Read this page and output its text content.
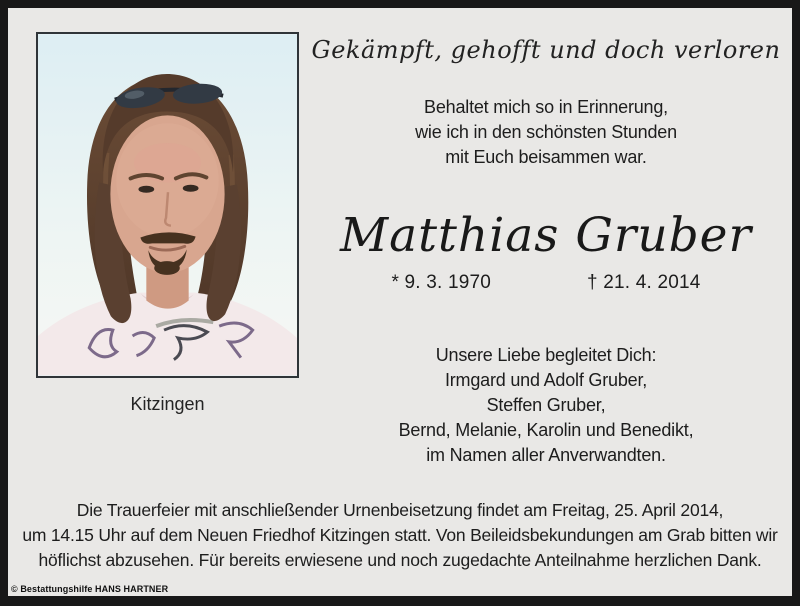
Kitzingen
Gekämpft, gehofft und doch verloren
Behaltet mich so in Erinnerung,
wie ich in den schönsten Stunden
mit Euch beisammen war.
Matthias Gruber
* 9. 3. 1970	† 21. 4. 2014
Unsere Liebe begleitet Dich:
Irmgard und Adolf Gruber,
Steffen Gruber,
Bernd, Melanie, Karolin und Benedikt,
im Namen aller Anverwandten.
Die Trauerfeier mit anschließender Urnenbeisetzung findet am Freitag, 25. April 2014,
um 14.15 Uhr auf dem Neuen Friedhof Kitzingen statt. Von Beileidsbekundungen am Grab bitten wir
höflichst abzusehen. Für bereits erwiesene und noch zugedachte Anteilnahme herzlichen Dank.
© Bestattungshilfe HANS HARTNER
